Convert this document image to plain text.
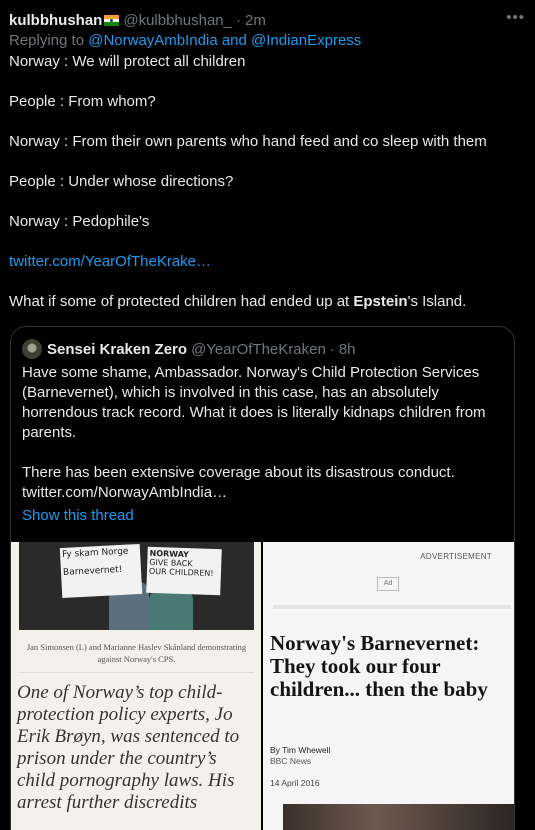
kulbbhushan @kulbbhushan_ · 2m	•••
Replying to @NorwayAmbIndia and @IndianExpress

Norway : We will protect all children

People : From whom?

Norway : From their own parents who hand feed and co sleep with them

People : Under whose directions?

Norway : Pedophile's

twitter.com/YearOfTheKrake…

What if some of protected children had ended up at Epstein's Island.

Sensei Kraken Zero @YearOfTheKraken · 8h

Have some shame, Ambassador. Norway's Child Protection Services (Barnevernet), which is involved in this case, has an absolutely horrendous track record. What it does is literally kidnaps children from parents.

There has been extensive coverage about its disastrous conduct.
twitter.com/NorwayAmbIndia…

Show this thread
Fy skam Norge
Barnevernet!
NORWAY
GIVE BACK
OUR CHILDREN!
Jan Simonsen (L) and Marianne Haslev Skånland demonstrating against Norway's CPS.
One of Norway’s top child-protection policy experts, Jo Erik Brøyn, was sentenced to prison under the country’s child pornography laws. His arrest further discredits
ADVERTISEMENT
Ad
Norway's Barnevernet: They took our four children... then the baby
By Tim Whewell
BBC News
14 April 2016
